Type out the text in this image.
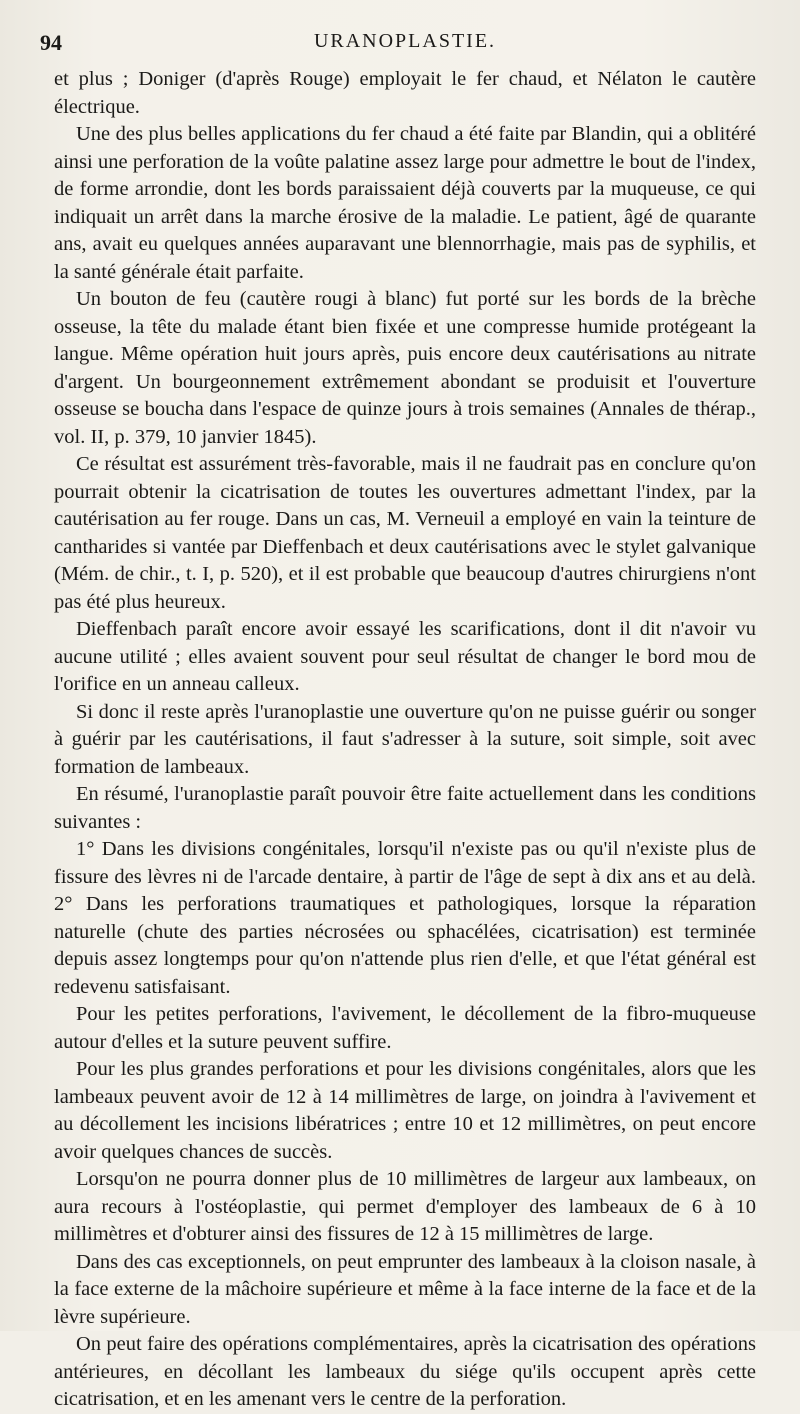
94	URANOPLASTIE.

et plus ; Doniger (d'après Rouge) employait le fer chaud, et Nélaton le cautère électrique.

Une des plus belles applications du fer chaud a été faite par Blandin, qui a oblitéré ainsi une perforation de la voûte palatine assez large pour admettre le bout de l'index, de forme arrondie, dont les bords paraissaient déjà couverts par la muqueuse, ce qui indiquait un arrêt dans la marche érosive de la maladie. Le patient, âgé de quarante ans, avait eu quelques années auparavant une blennorrhagie, mais pas de syphilis, et la santé générale était parfaite.

Un bouton de feu (cautère rougi à blanc) fut porté sur les bords de la brèche osseuse, la tête du malade étant bien fixée et une compresse humide protégeant la langue. Même opération huit jours après, puis encore deux cautérisations au nitrate d'argent. Un bourgeonnement extrêmement abondant se produisit et l'ouverture osseuse se boucha dans l'espace de quinze jours à trois semaines (Annales de thérap., vol. II, p. 379, 10 janvier 1845).

Ce résultat est assurément très-favorable, mais il ne faudrait pas en conclure qu'on pourrait obtenir la cicatrisation de toutes les ouvertures admettant l'index, par la cautérisation au fer rouge. Dans un cas, M. Verneuil a employé en vain la teinture de cantharides si vantée par Dieffenbach et deux cautérisations avec le stylet galvanique (Mém. de chir., t. I, p. 520), et il est probable que beaucoup d'autres chirurgiens n'ont pas été plus heureux.

Dieffenbach paraît encore avoir essayé les scarifications, dont il dit n'avoir vu aucune utilité ; elles avaient souvent pour seul résultat de changer le bord mou de l'orifice en un anneau calleux.

Si donc il reste après l'uranoplastie une ouverture qu'on ne puisse guérir ou songer à guérir par les cautérisations, il faut s'adresser à la suture, soit simple, soit avec formation de lambeaux.

En résumé, l'uranoplastie paraît pouvoir être faite actuellement dans les conditions suivantes :

1° Dans les divisions congénitales, lorsqu'il n'existe pas ou qu'il n'existe plus de fissure des lèvres ni de l'arcade dentaire, à partir de l'âge de sept à dix ans et au delà. 2° Dans les perforations traumatiques et pathologiques, lorsque la réparation naturelle (chute des parties nécrosées ou sphacélées, cicatrisation) est terminée depuis assez longtemps pour qu'on n'attende plus rien d'elle, et que l'état général est redevenu satisfaisant.

Pour les petites perforations, l'avivement, le décollement de la fibro-muqueuse autour d'elles et la suture peuvent suffire.

Pour les plus grandes perforations et pour les divisions congénitales, alors que les lambeaux peuvent avoir de 12 à 14 millimètres de large, on joindra à l'avivement et au décollement les incisions libératrices ; entre 10 et 12 millimètres, on peut encore avoir quelques chances de succès.

Lorsqu'on ne pourra donner plus de 10 millimètres de largeur aux lambeaux, on aura recours à l'ostéoplastie, qui permet d'employer des lambeaux de 6 à 10 millimètres et d'obturer ainsi des fissures de 12 à 15 millimètres de large.

Dans des cas exceptionnels, on peut emprunter des lambeaux à la cloison nasale, à la face externe de la mâchoire supérieure et même à la face interne de la face et de la lèvre supérieure.

On peut faire des opérations complémentaires, après la cicatrisation des opérations antérieures, en décollant les lambeaux du siége qu'ils occupent après cette cicatrisation, et en les amenant vers le centre de la perforation.
